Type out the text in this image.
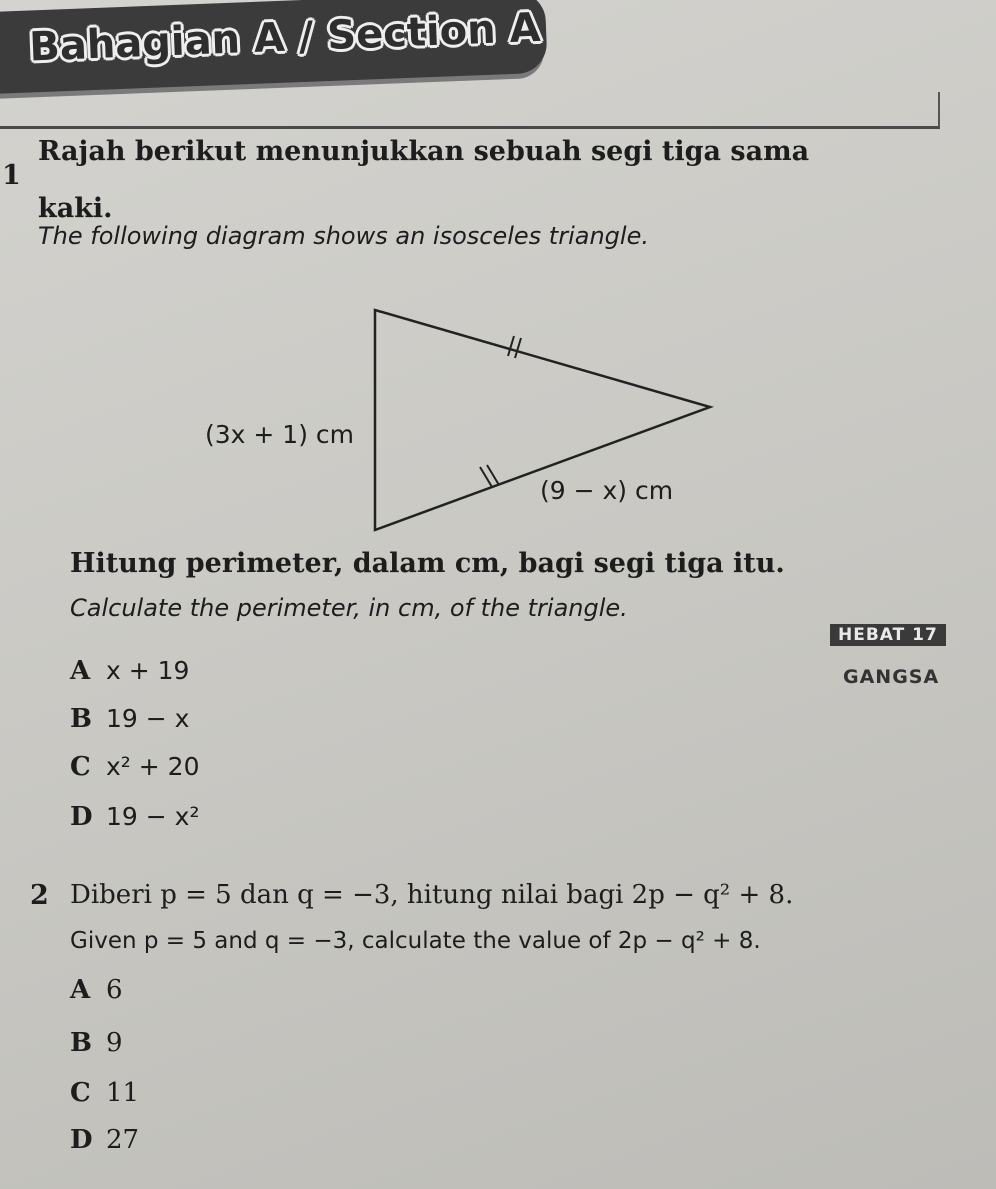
Bahagian A / Section A
1
Rajah berikut menunjukkan sebuah segi tiga sama
kaki.
The following diagram shows an isosceles triangle.
(3x + 1) cm
(9 − x) cm
Hitung perimeter, dalam cm, bagi segi tiga itu.
Calculate the perimeter, in cm, of the triangle.
HEBAT 17
GANGSA
A x + 19
B 19 − x
C x² + 20
D 19 − x²
2 Diberi p = 5 dan q = −3, hitung nilai bagi 2p − q² + 8.
Given p = 5 and q = −3, calculate the value of 2p − q² + 8.
A 6
B 9
C 11
D 27
